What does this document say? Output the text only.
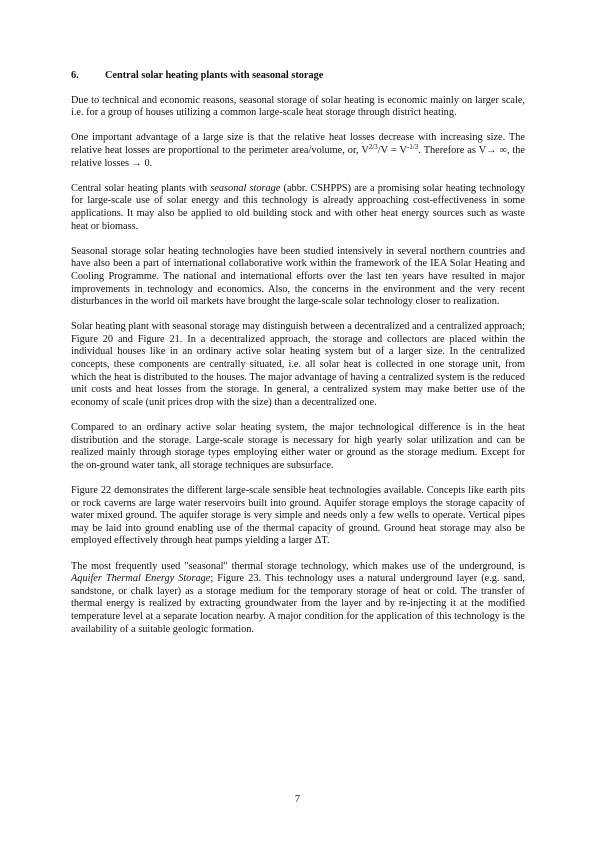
6.	Central solar heating plants with seasonal storage

Due to technical and economic reasons, seasonal storage of solar heating is economic mainly on larger scale, i.e. for a group of houses utilizing a common large-scale heat storage through district heating.

One important advantage of a large size is that the relative heat losses decrease with increasing size. The relative heat losses are proportional to the perimeter area/volume, or, $V^{2/3}/V = V^{-1/3}$. Therefore as V→ ∞, the relative losses → 0.

Central solar heating plants with seasonal storage (abbr. CSHPPS) are a promising solar heating technology for large-scale use of solar energy and this technology is already approaching cost-effectiveness in some applications. It may also be applied to old building stock and with other heat energy sources such as waste heat or biomass.

Seasonal storage solar heating technologies have been studied intensively in several northern countries and have also been a part of international collaborative work within the framework of the IEA Solar Heating and Cooling Programme. The national and international efforts over the last ten years have resulted in major improvements in technology and economics. Also, the concerns in the environment and the very recent disturbances in the world oil markets have brought the large-scale solar technology closer to realization.

Solar heating plant with seasonal storage may distinguish between a decentralized and a centralized approach; Figure 20 and Figure 21. In a decentralized approach, the storage and collectors are placed within the individual houses like in an ordinary active solar heating system but of a larger size. In the centralized concepts, these components are centrally situated, i.e. all solar heat is collected in one storage unit, from which the heat is distributed to the houses. The major advantage of having a centralized system is the reduced unit costs and heat losses from the storage. In general, a centralized system may make better use of the economy of scale (unit prices drop with the size) than a decentralized one.

Compared to an ordinary active solar heating system, the major technological difference is in the heat distribution and the storage. Large-scale storage is necessary for high yearly solar utilization and can be realized mainly through storage types employing either water or ground as the storage medium. Except for the on-ground water tank, all storage techniques are subsurface.

Figure 22 demonstrates the different large-scale sensible heat technologies available. Concepts like earth pits or rock caverns are large water reservoirs built into ground. Aquifer storage employs the storage capacity of water mixed ground. The aquifer storage is very simple and needs only a few wells to operate. Vertical pipes may be laid into ground enabling use of the thermal capacity of ground. Ground heat storage may also be employed effectively through heat pumps yielding a larger ΔT.

The most frequently used "seasonal" thermal storage technology, which makes use of the underground, is Aquifer Thermal Energy Storage; Figure 23. This technology uses a natural underground layer (e.g. sand, sandstone, or chalk layer) as a storage medium for the temporary storage of heat or cold. The transfer of thermal energy is realized by extracting groundwater from the layer and by re-injecting it at the modified temperature level at a separate location nearby. A major condition for the application of this technology is the availability of a suitable geologic formation.

7
